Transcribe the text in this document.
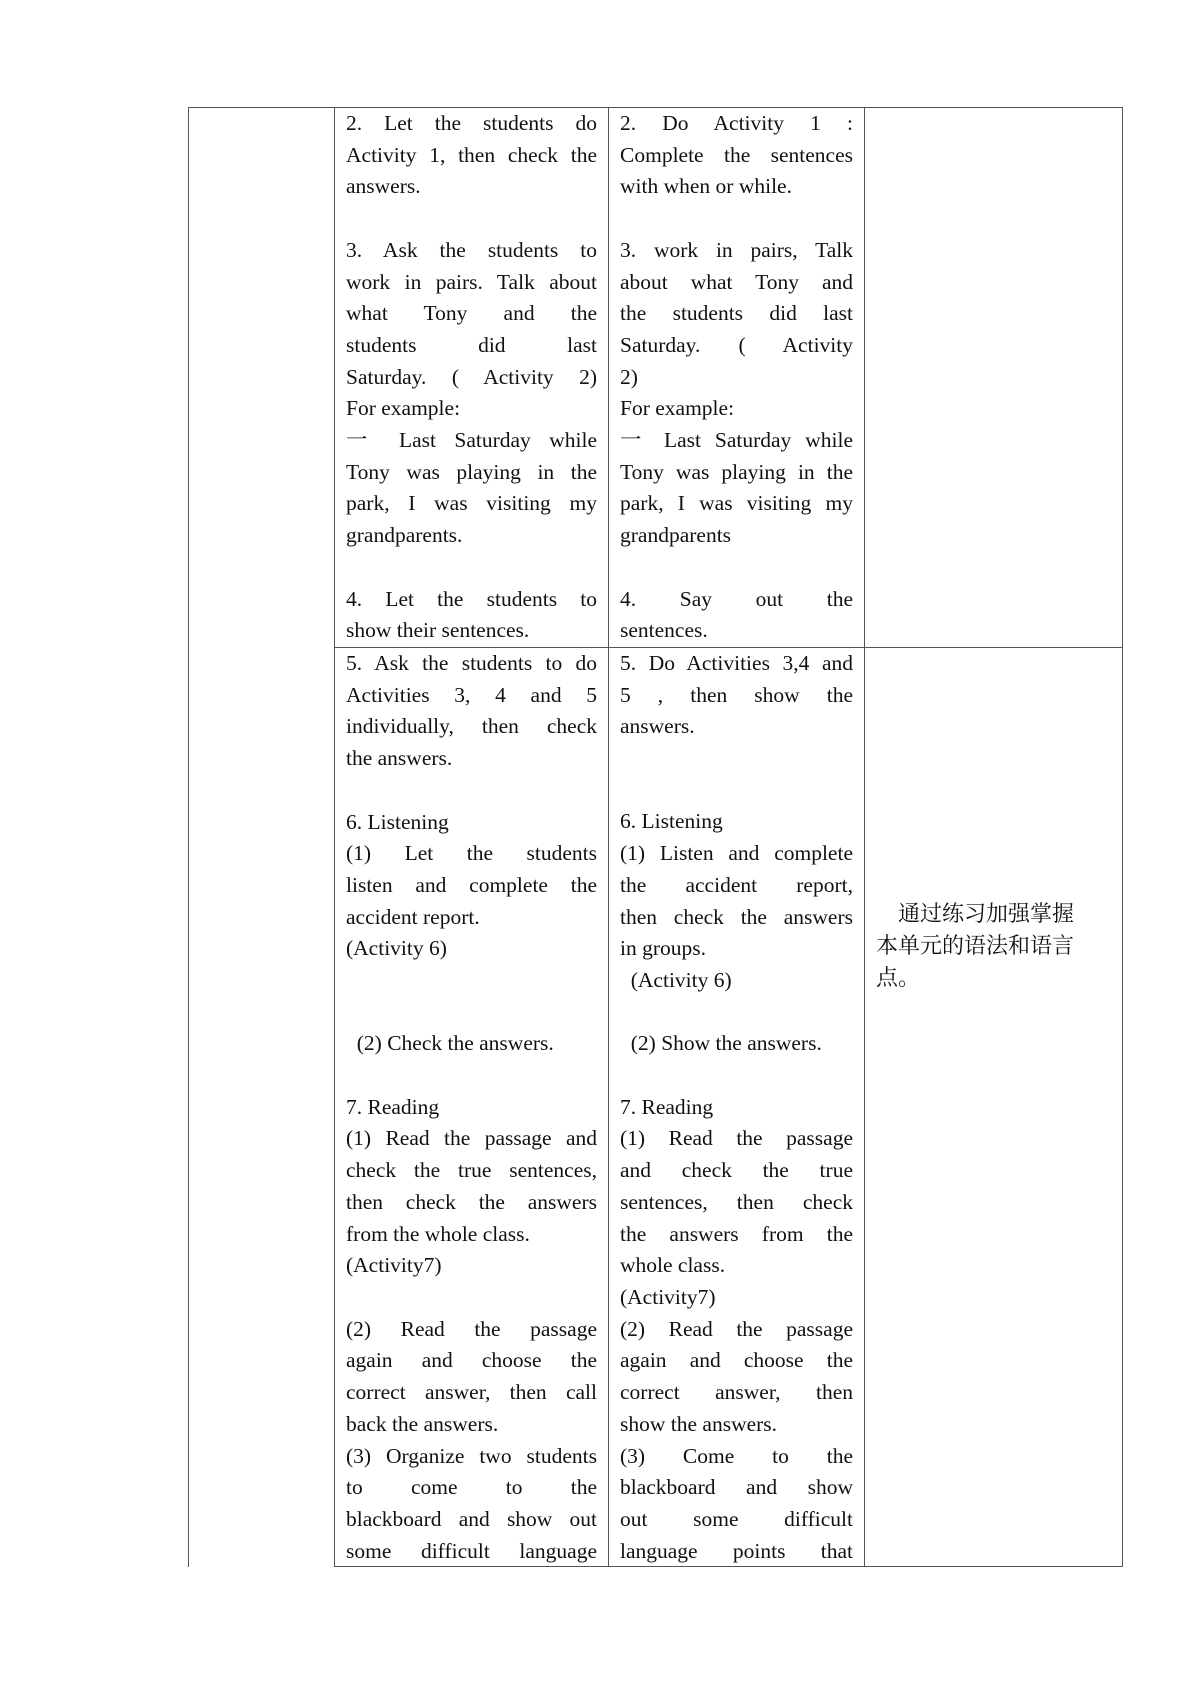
2. Let the students do
Activity 1, then check the
answers.
3. Ask the students to
work in pairs. Talk about
what Tony and the
students did last
Saturday. ( Activity 2)
For example:
一 Last Saturday while
Tony was playing in the
park, I was visiting my
grandparents.
4. Let the students to
show their sentences.
2. Do Activity 1 :
Complete the sentences
with when or while.
3. work in pairs, Talk
about what Tony and
the students did last
Saturday. ( Activity
2)
For example:
一 Last Saturday while
Tony was playing in the
park, I was visiting my
grandparents
4. Say out the
sentences.
5. Ask the students to do
Activities 3, 4 and 5
individually, then check
the answers.
6. Listening
(1) Let the students
listen and complete the
accident report.
(Activity 6)
(2) Check the answers.
7. Reading
(1) Read the passage and
check the true sentences,
then check the answers
from the whole class.
(Activity7)
(2) Read the passage
again and choose the
correct answer, then call
back the answers.
(3) Organize two students
to come to the
blackboard and show out
some difficult language
5. Do Activities 3,4 and
5 , then show the
answers.
6. Listening
(1) Listen and complete
the accident report,
then check the answers
in groups.
(Activity 6)
(2) Show the answers.
7. Reading
(1) Read the passage
and check the true
sentences, then check
the answers from the
whole class.
(Activity7)
(2) Read the passage
again and choose the
correct answer, then
show the answers.
(3) Come to the
blackboard and show
out some difficult
language points that
　通过练习加强掌握
本单元的语法和语言
点。
